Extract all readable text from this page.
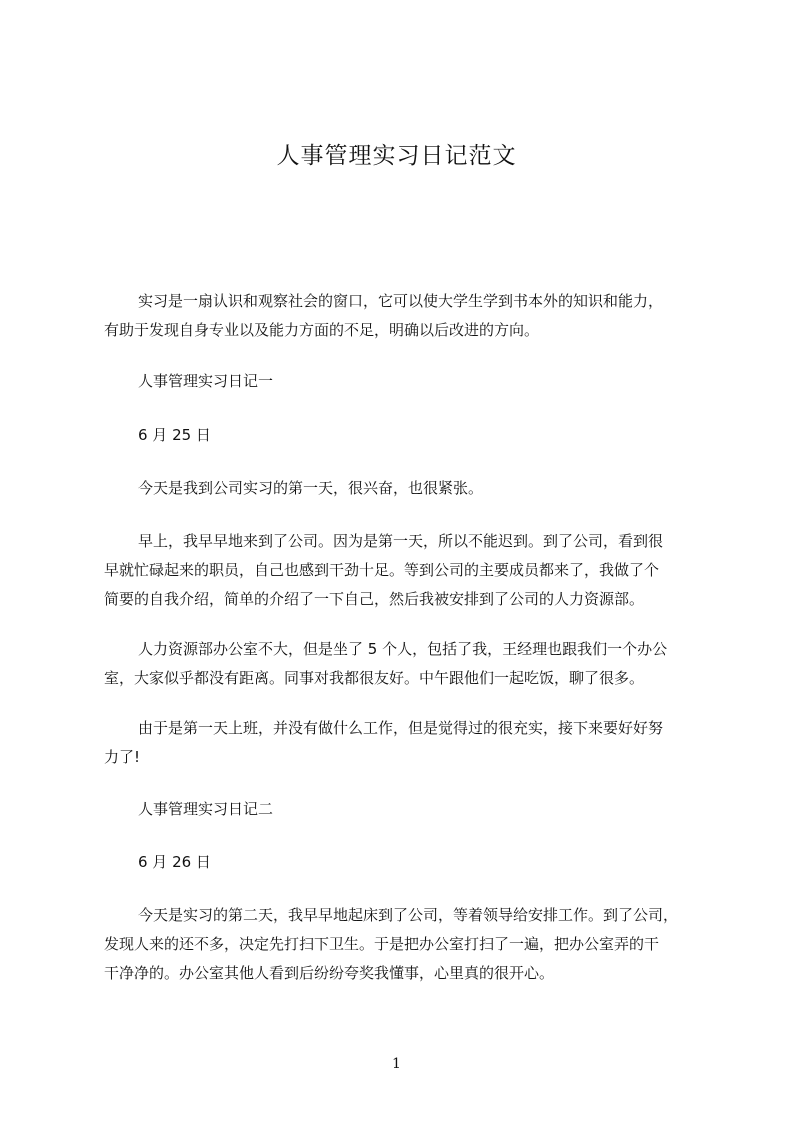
人事管理实习日记范文
实习是一扇认识和观察社会的窗口，它可以使大学生学到书本外的知识和能力，
有助于发现自身专业以及能力方面的不足，明确以后改进的方向。
人事管理实习日记一
6 月 25 日
今天是我到公司实习的第一天，很兴奋，也很紧张。
早上，我早早地来到了公司。因为是第一天，所以不能迟到。到了公司，看到很
早就忙碌起来的职员，自己也感到干劲十足。等到公司的主要成员都来了，我做了个
简要的自我介绍，简单的介绍了一下自己，然后我被安排到了公司的人力资源部。
人力资源部办公室不大，但是坐了 5 个人，包括了我，王经理也跟我们一个办公
室，大家似乎都没有距离。同事对我都很友好。中午跟他们一起吃饭，聊了很多。
由于是第一天上班，并没有做什么工作，但是觉得过的很充实，接下来要好好努
力了!
人事管理实习日记二
6 月 26 日
今天是实习的第二天，我早早地起床到了公司，等着领导给安排工作。到了公司，
发现人来的还不多，决定先打扫下卫生。于是把办公室打扫了一遍，把办公室弄的干
干净净的。办公室其他人看到后纷纷夸奖我懂事，心里真的很开心。
1
